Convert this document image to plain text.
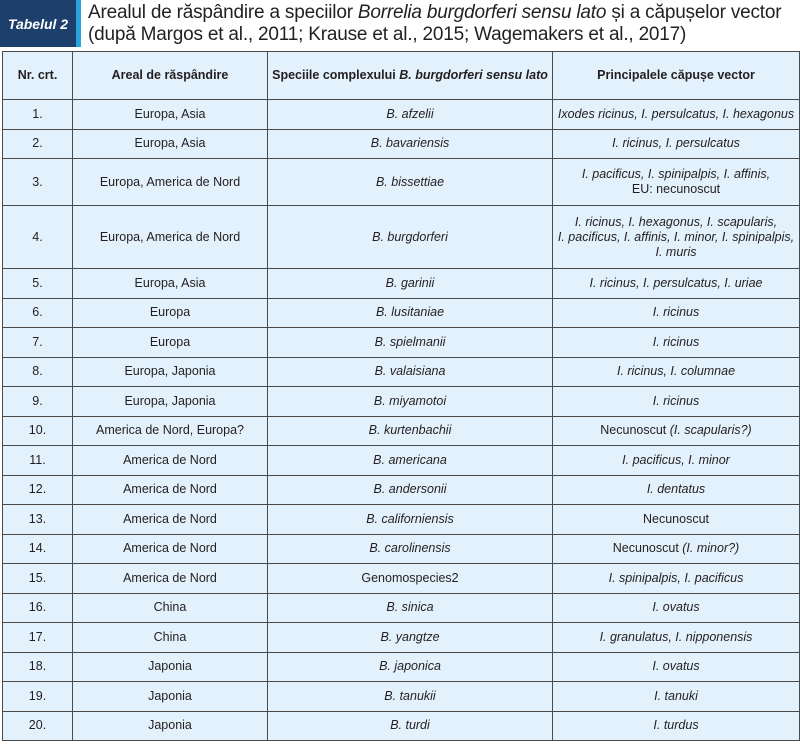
Tabelul 2
Arealul de răspândire a speciilor Borrelia burgdorferi sensu lato și a căpușelor vector
(după Margos et al., 2011; Krause et al., 2015; Wagemakers et al., 2017)
Nr. crt.	Areal de răspândire	Speciile complexului B. burgdorferi sensu lato	Principalele căpușe vector
1.	Europa, Asia	B. afzelii	Ixodes ricinus, I. persulcatus, I. hexagonus
2.	Europa, Asia	B. bavariensis	I. ricinus, I. persulcatus
3.	Europa, America de Nord	B. bissettiae	I. pacificus, I. spinipalpis, I. affinis,
EU: necunoscut
4.	Europa, America de Nord	B. burgdorferi	I. ricinus, I. hexagonus, I. scapularis,
I. pacificus, I. affinis, I. minor, I. spinipalpis,
I. muris
5.	Europa, Asia	B. garinii	I. ricinus, I. persulcatus, I. uriae
6.	Europa	B. lusitaniae	I. ricinus
7.	Europa	B. spielmanii	I. ricinus
8.	Europa, Japonia	B. valaisiana	I. ricinus, I. columnae
9.	Europa, Japonia	B. miyamotoi	I. ricinus
10.	America de Nord, Europa?	B. kurtenbachii	Necunoscut (I. scapularis?)
11.	America de Nord	B. americana	I. pacificus, I. minor
12.	America de Nord	B. andersonii	I. dentatus
13.	America de Nord	B. californiensis	Necunoscut
14.	America de Nord	B. carolinensis	Necunoscut (I. minor?)
15.	America de Nord	Genomospecies2	I. spinipalpis, I. pacificus
16.	China	B. sinica	I. ovatus
17.	China	B. yangtze	I. granulatus, I. nipponensis
18.	Japonia	B. japonica	I. ovatus
19.	Japonia	B. tanukii	I. tanuki
20.	Japonia	B. turdi	I. turdus
